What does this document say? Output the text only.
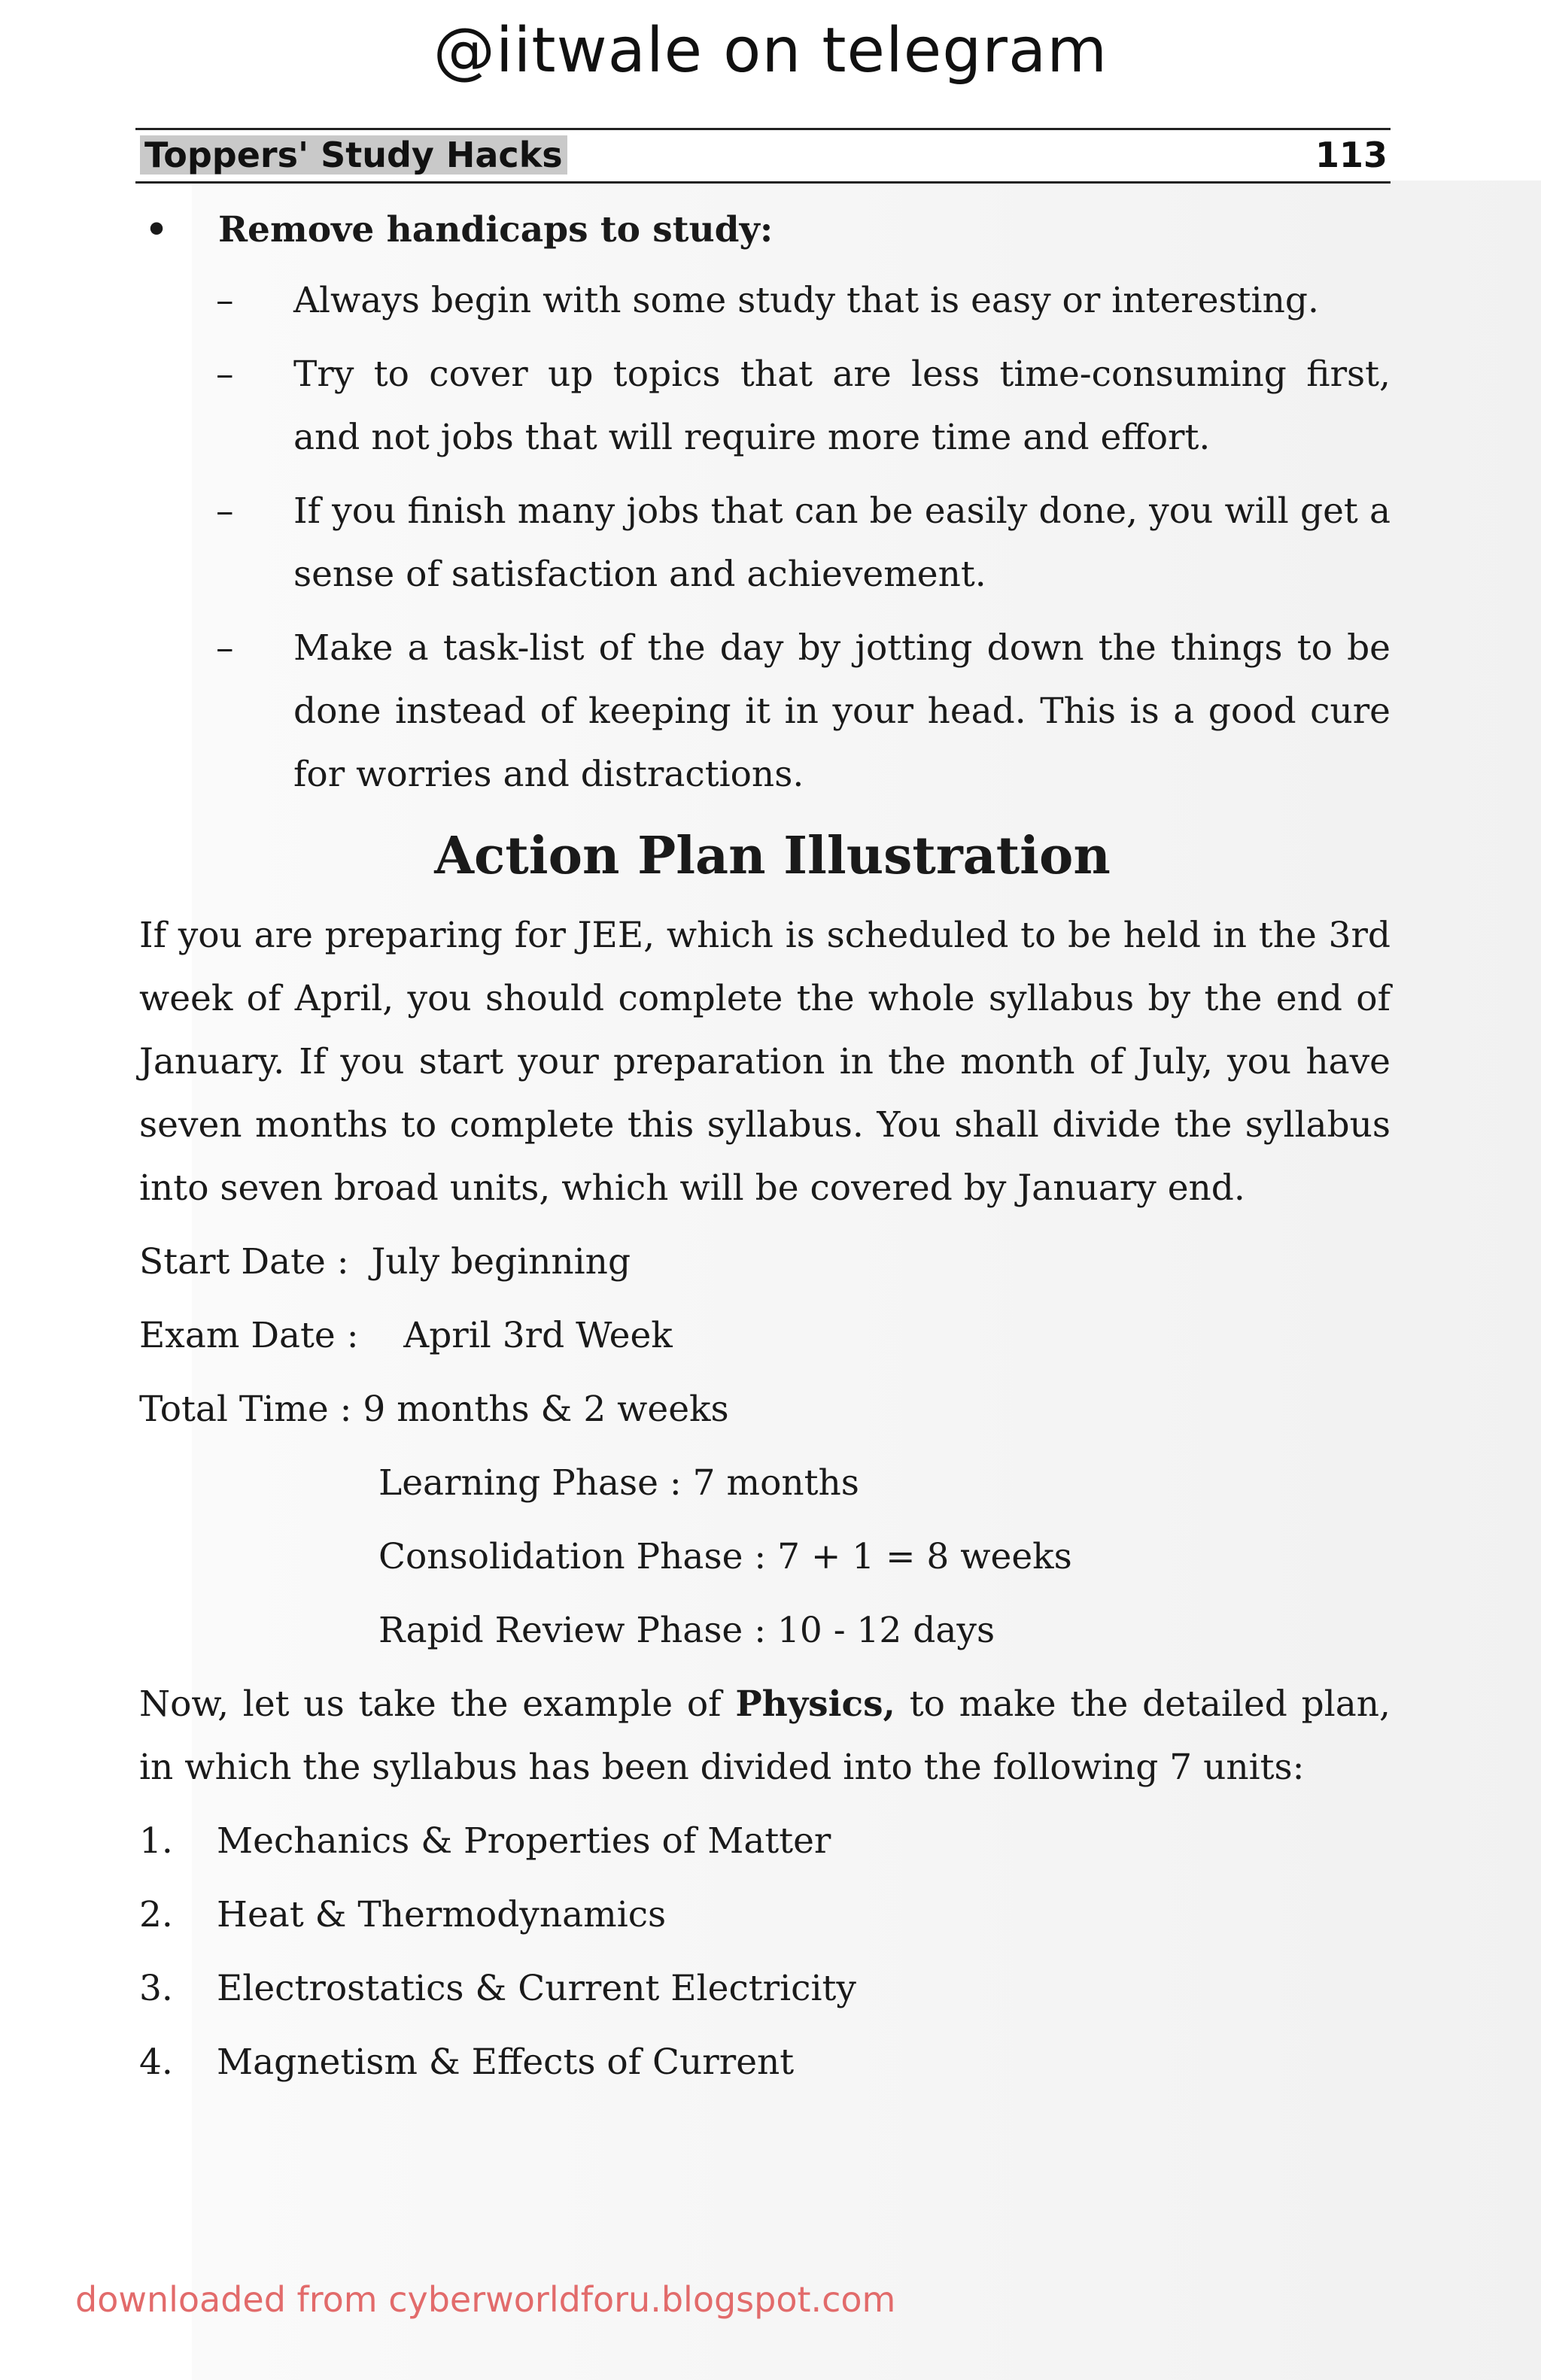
@iitwale on telegram
Toppers' Study Hacks	113
• Remove handicaps to study:
– Always begin with some study that is easy or interesting.
– Try to cover up topics that are less time-consuming first, and not jobs that will require more time and effort.
– If you finish many jobs that can be easily done, you will get a sense of satisfaction and achievement.
– Make a task-list of the day by jotting down the things to be done instead of keeping it in your head. This is a good cure for worries and distractions.
Action Plan Illustration
If you are preparing for JEE, which is scheduled to be held in the 3rd week of April, you should complete the whole syllabus by the end of January. If you start your preparation in the month of July, you have seven months to complete this syllabus. You shall divide the syllabus into seven broad units, which will be covered by January end.
Start Date :  July beginning
Exam Date :    April 3rd Week
Total Time : 9 months & 2 weeks
Learning Phase : 7 months
Consolidation Phase : 7 + 1 = 8 weeks
Rapid Review Phase : 10 - 12 days
Now, let us take the example of Physics, to make the detailed plan, in which the syllabus has been divided into the following 7 units:
1. Mechanics & Properties of Matter
2. Heat & Thermodynamics
3. Electrostatics & Current Electricity
4. Magnetism & Effects of Current
downloaded from cyberworldforu.blogspot.com
